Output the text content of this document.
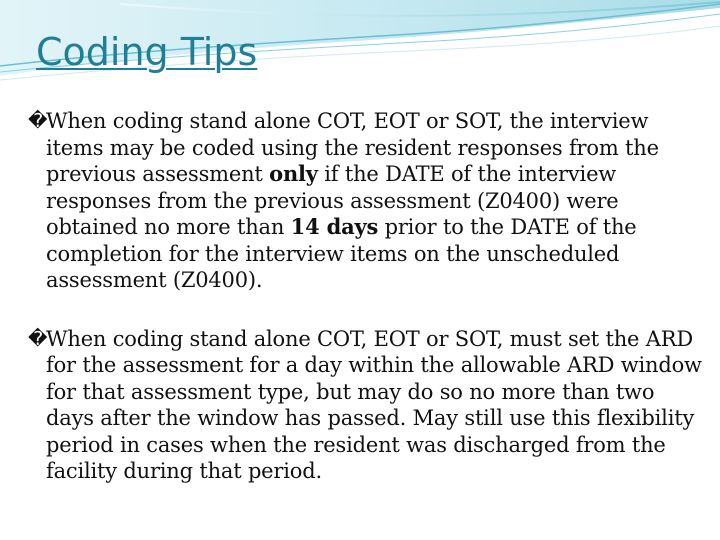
Coding Tips
�
When coding stand alone COT, EOT or SOT, the interview items may be coded using the resident responses from the previous assessment only if the DATE of the interview responses from the previous assessment (Z0400) were obtained no more than 14 days prior to the DATE of the completion for the interview items on the unscheduled assessment (Z0400).
�
When coding stand alone COT, EOT or SOT, must set the ARD for the assessment for a day within the allowable ARD window for that assessment type, but may do so no more than two days after the window has passed. May still use this flexibility period in cases when the resident was discharged from the facility during that period.
